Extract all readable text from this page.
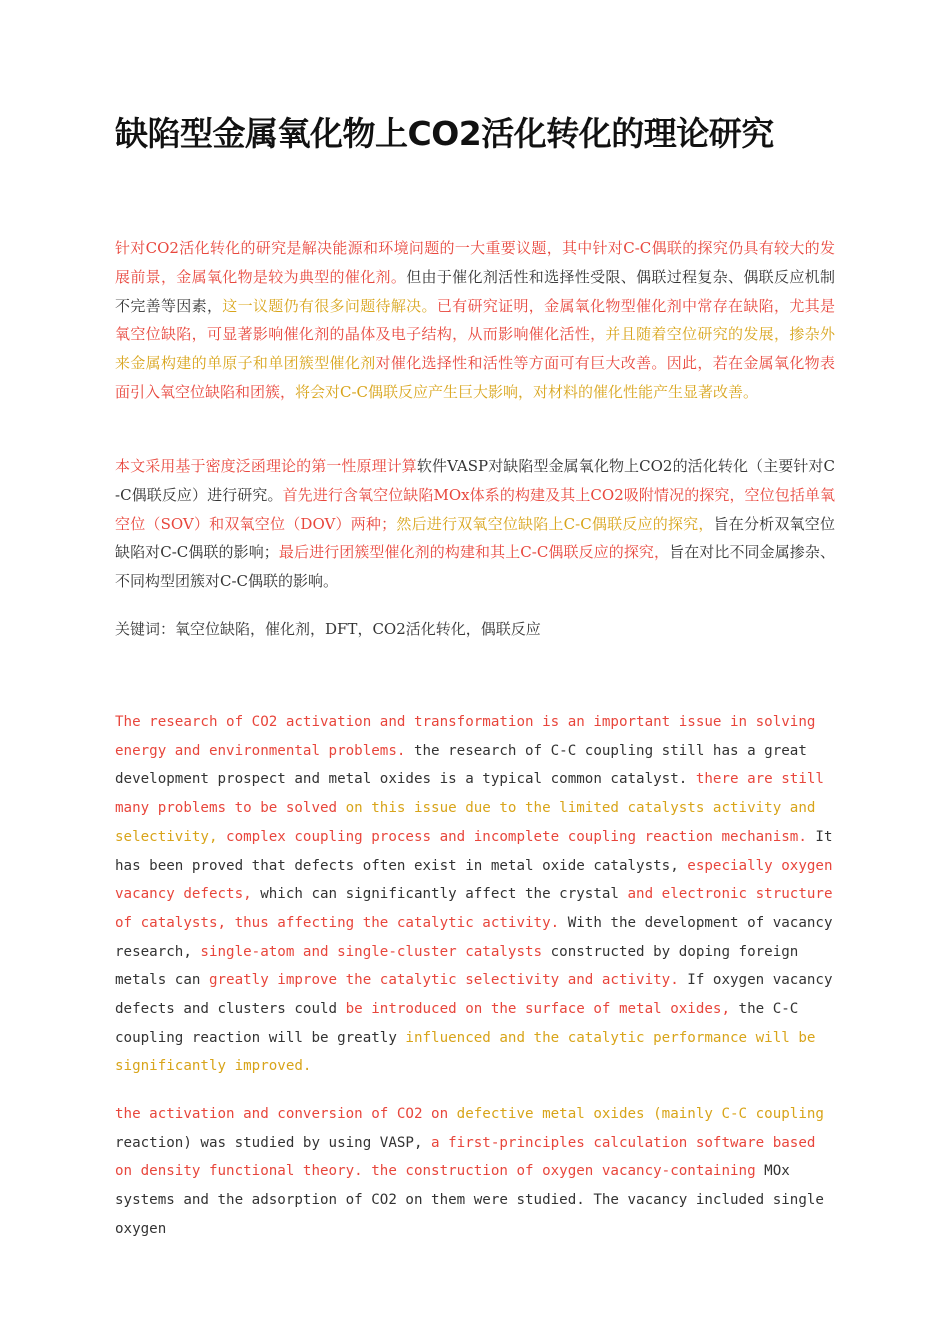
缺陷型金属氧化物上CO2活化转化的理论研究

针对CO2活化转化的研究是解决能源和环境问题的一大重要议题，其中针对C-C偶联的探究仍具有较大的发展前景，金属氧化物是较为典型的催化剂。但由于催化剂活性和选择性受限、偶联过程复杂、偶联反应机制不完善等因素，这一议题仍有很多问题待解决。已有研究证明，金属氧化物型催化剂中常存在缺陷，尤其是氧空位缺陷，可显著影响催化剂的晶体及电子结构，从而影响催化活性，并且随着空位研究的发展，掺杂外来金属构建的单原子和单团簇型催化剂对催化选择性和活性等方面可有巨大改善。因此，若在金属氧化物表面引入氧空位缺陷和团簇，将会对C-C偶联反应产生巨大影响，对材料的催化性能产生显著改善。

本文采用基于密度泛函理论的第一性原理计算软件VASP对缺陷型金属氧化物上CO2的活化转化（主要针对C-C偶联反应）进行研究。首先进行含氧空位缺陷MOx体系的构建及其上CO2吸附情况的探究，空位包括单氧空位（SOV）和双氧空位（DOV）两种；然后进行双氧空位缺陷上C-C偶联反应的探究，旨在分析双氧空位缺陷对C-C偶联的影响；最后进行团簇型催化剂的构建和其上C-C偶联反应的探究，旨在对比不同金属掺杂、不同构型团簇对C-C偶联的影响。

关键词：氧空位缺陷，催化剂，DFT，CO2活化转化，偶联反应

The research of CO2 activation and transformation is an important issue in solving energy and environmental problems. the research of C-C coupling still has a great development prospect and metal oxides is a typical common catalyst. there are still many problems to be solved on this issue due to the limited catalysts activity and selectivity, complex coupling process and incomplete coupling reaction mechanism. It has been proved that defects often exist in metal oxide catalysts, especially oxygen vacancy defects, which can significantly affect the crystal and electronic structure of catalysts, thus affecting the catalytic activity. With the development of vacancy research, single-atom and single-cluster catalysts constructed by doping foreign metals can greatly improve the catalytic selectivity and activity. If oxygen vacancy defects and clusters could be introduced on the surface of metal oxides, the C-C coupling reaction will be greatly influenced and the catalytic performance will be significantly improved.

the activation and conversion of CO2 on defective metal oxides (mainly C-C coupling reaction) was studied by using VASP, a first-principles calculation software based on density functional theory. the construction of oxygen vacancy-containing MOx systems and the adsorption of CO2 on them were studied. The vacancy included single oxygen
